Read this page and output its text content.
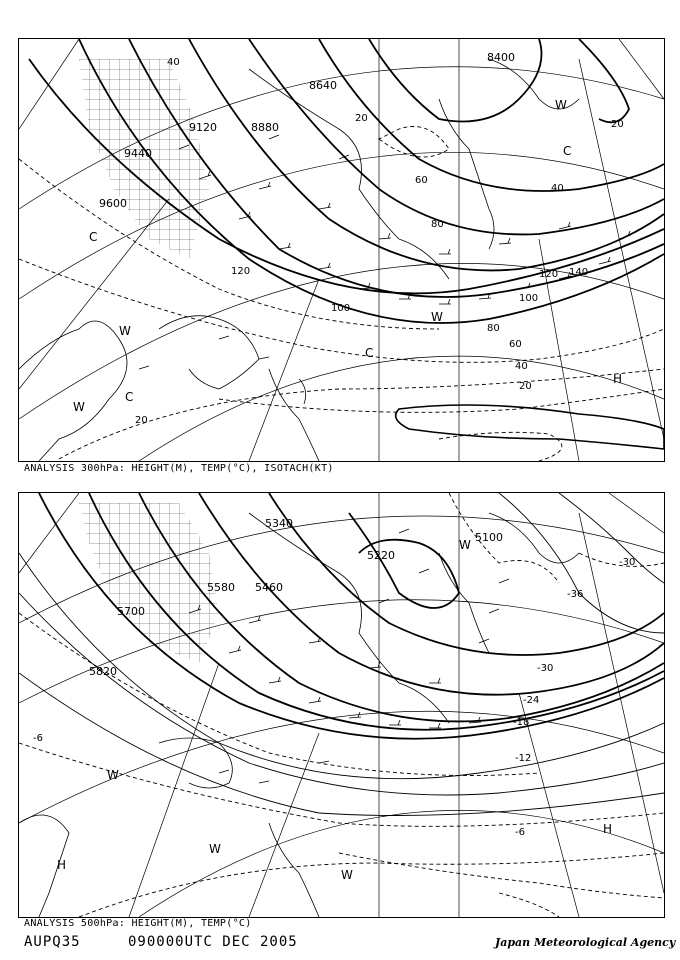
9600
9440
9120	8880
8640
8400
120
100
80
60
40
20
40
60
80
100
120 140
20
20
40
20
C
W
C
W
C
W
H
W
C
ANALYSIS 300hPa: HEIGHT(M), TEMP(°C), ISOTACH(KT)
5100
5340
5220
5580 5460
5700
5820
-30
-36
-30
-24
-18
-12
-6
-6
W
W
H
W
W
H
ANALYSIS 500hPa: HEIGHT(M), TEMP(°C)
AUPQ35	090000UTC DEC 2005	Japan Meteorological Agency
